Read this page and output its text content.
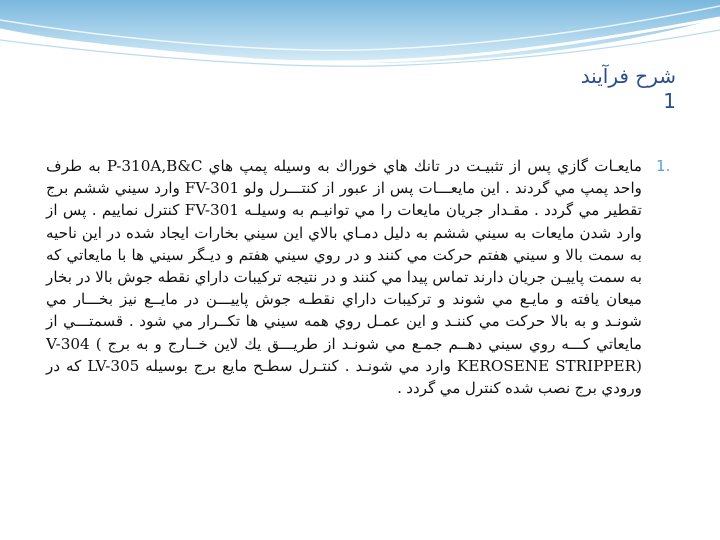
شرح فرآيند
1
1.

مايعـات گازي پس از تثبيـت در تانك هاي خوراك به وسيله پمپ هاي P-310A,B&C به طرف واحد پمپ مي گردند . اين مايعـــات پس از عبور از كنتـــرل ولو FV-301 وارد سيني ششم برج تقطير مي گردد . مقـدار جريان مايعات را مي توانيـم به وسيلـه FV-301 كنترل نماييم . پس از وارد شدن مايعات به سيني ششم به دليل دمـاي بالاي اين سيني بخارات ايجاد شده در اين ناحيه به سمت بالا و سيني هفتم حركت مي كنند و در روي سيني هفتم و ديـگر سيني ها با مايعاتي كه به سمت پاييـن جريان دارند تماس پيدا مي كنند و در نتيجه تركيبات داراي نقطه جوش بالا در بخار ميعان يافته و مايـع مي شوند و تركيبات داراي نقطـه جوش پاييـــن در مايــع نيز بخـــار مي شونـد و به بالا حركت مي كننـد و اين عمـل روي همه سيني ها تكــرار مي شود . قسمتـــي از مايعاتي كـــه روي سيني دهــم جمـع مي شونـد از طريـــق يك لاين خــارج و به برج V-304 ( KEROSENE STRIPPER) وارد مي شونـد . كنتـرل سطـح مايع برج بوسيله LV-305 كه در ورودي برج نصب شده كنترل مي گردد .
